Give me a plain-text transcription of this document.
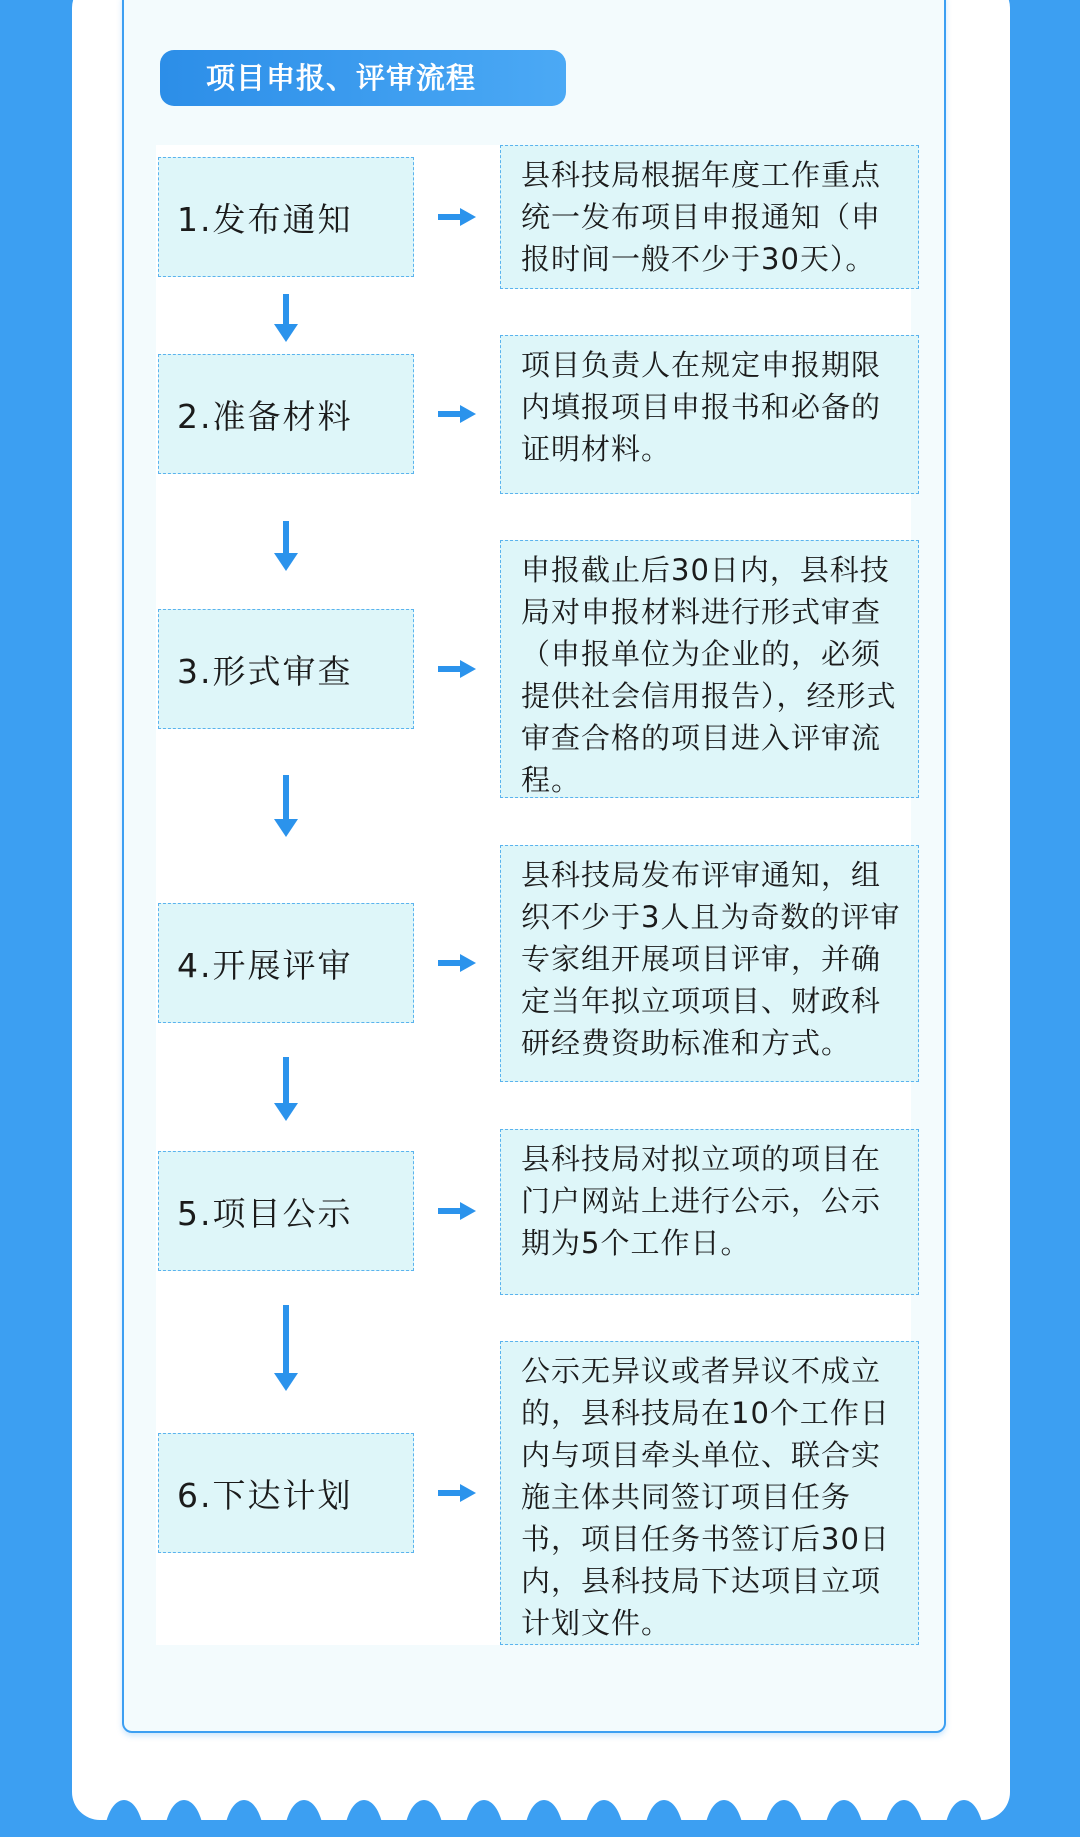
项目申报、评审流程
1.发布通知
县科技局根据年度工作重点统一发布项目申报通知（申报时间一般不少于30天）。
2.准备材料
项目负责人在规定申报期限内填报项目申报书和必备的证明材料。
3.形式审查
申报截止后30日内，县科技局对申报材料进行形式审查（申报单位为企业的，必须提供社会信用报告），经形式审查合格的项目进入评审流程。
4.开展评审
县科技局发布评审通知，组织不少于3人且为奇数的评审专家组开展项目评审，并确定当年拟立项项目、财政科研经费资助标准和方式。
5.项目公示
县科技局对拟立项的项目在门户网站上进行公示，公示期为5个工作日。
6.下达计划
公示无异议或者异议不成立的，县科技局在10个工作日内与项目牵头单位、联合实施主体共同签订项目任务书，项目任务书签订后30日内，县科技局下达项目立项计划文件。
